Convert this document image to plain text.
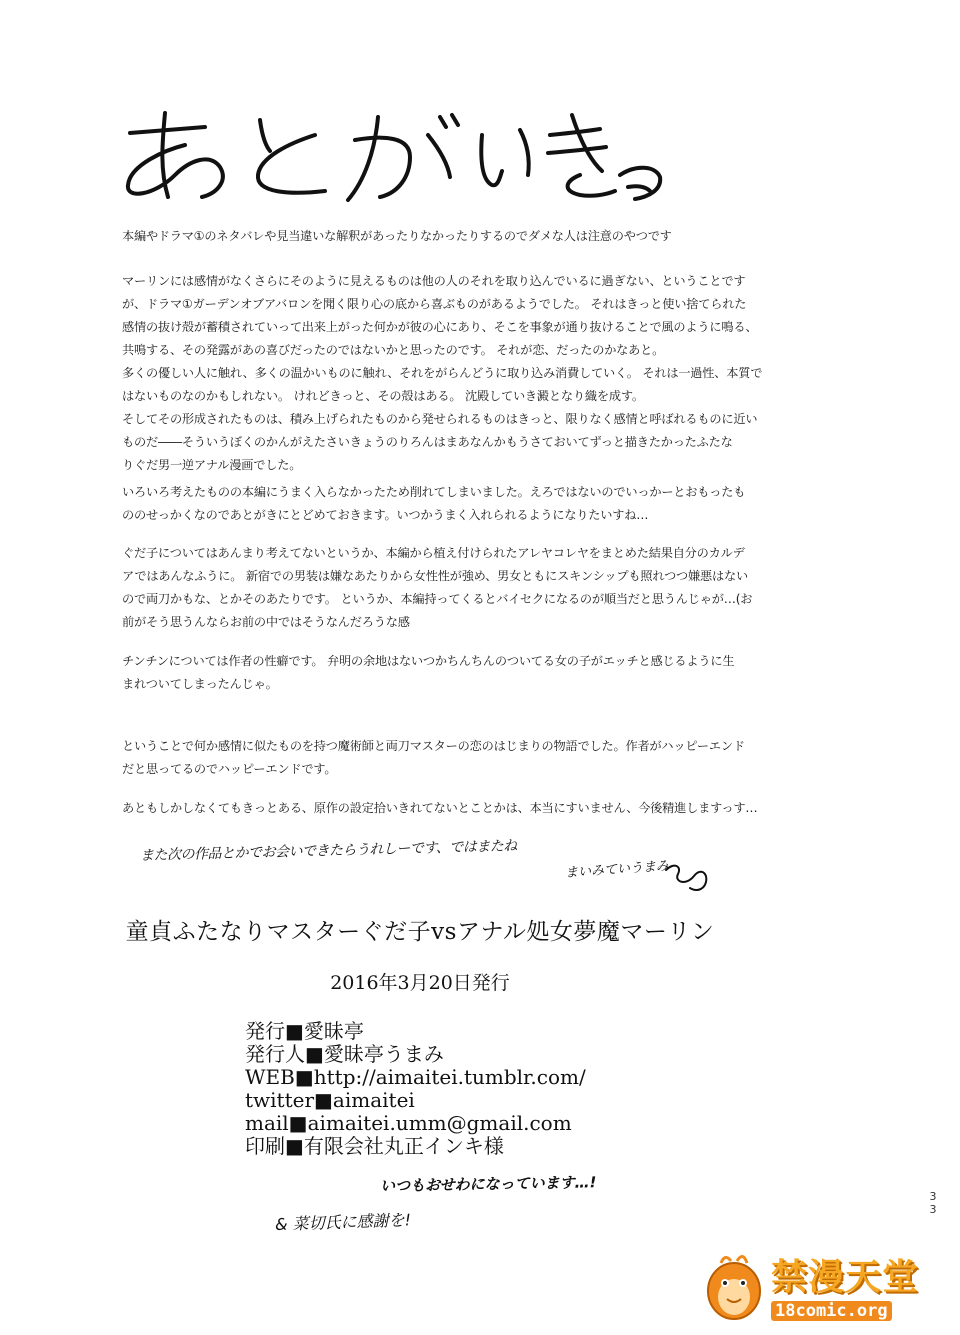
本編やドラマ①のネタバレや見当違いな解釈があったりなかったりするのでダメな人は注意のやつです

マーリンには感情がなくさらにそのように見えるものは他の人のそれを取り込んでいるに過ぎない、ということです

が、ドラマ①ガーデンオブアバロンを聞く限り心の底から喜ぶものがあるようでした。 それはきっと使い捨てられた

感情の抜け殻が蓄積されていって出来上がった何かが彼の心にあり、そこを事象が通り抜けることで風のように鳴る、

共鳴する、その発露があの喜びだったのではないかと思ったのです。 それが恋、だったのかなあと。

多くの優しい人に触れ、多くの温かいものに触れ、それをがらんどうに取り込み消費していく。 それは一過性、本質で

はないものなのかもしれない。 けれどきっと、その殻はある。 沈殿していき澱となり織を成す。

そしてその形成されたものは、積み上げられたものから発せられるものはきっと、限りなく感情と呼ばれるものに近い

ものだ――そういうぼくのかんがえたさいきょうのりろんはまあなんかもうさておいてずっと描きたかったふたな

りぐだ男一逆アナル漫画でした。

いろいろ考えたものの本編にうまく入らなかったため削れてしまいました。えろではないのでいっかーとおもったも

ののせっかくなのであとがきにとどめておきます。いつかうまく入れられるようになりたいすね…

ぐだ子についてはあんまり考えてないというか、本編から植え付けられたアレヤコレヤをまとめた結果自分のカルデ

アではあんなふうに。 新宿での男装は嫌なあたりから女性性が強め、男女ともにスキンシップも照れつつ嫌悪はない

ので両刀かもな、とかそのあたりです。 というか、本編持ってくるとバイセクになるのが順当だと思うんじゃが…(お

前がそう思うんならお前の中ではそうなんだろうな感

チンチンについては作者の性癖です。 弁明の余地はないつかちんちんのついてる女の子がエッチと感じるように生

まれついてしまったんじゃ。

ということで何か感情に似たものを持つ魔術師と両刀マスターの恋のはじまりの物語でした。作者がハッピーエンド

だと思ってるのでハッピーエンドです。

あともしかしなくてもきっとある、原作の設定拾いきれてないとことかは、本当にすいません、今後精進しますっす…

また次の作品とかでお会いできたらうれしーです、ではまたね
まいみていうまみ
童貞ふたなりマスターぐだ子vsアナル処女夢魔マーリン
2016年3月20日発行
発行■愛昧亭
発行人■愛昧亭うまみ
WEB■http://aimaitei.tumblr.com/
twitter■aimaitei
mail■aimaitei.umm@gmail.com
印刷■有限会社丸正インキ様
いつもおせわになっています…!
& 菜切氏に感謝を!
3
3
禁漫天堂
18comic.org
